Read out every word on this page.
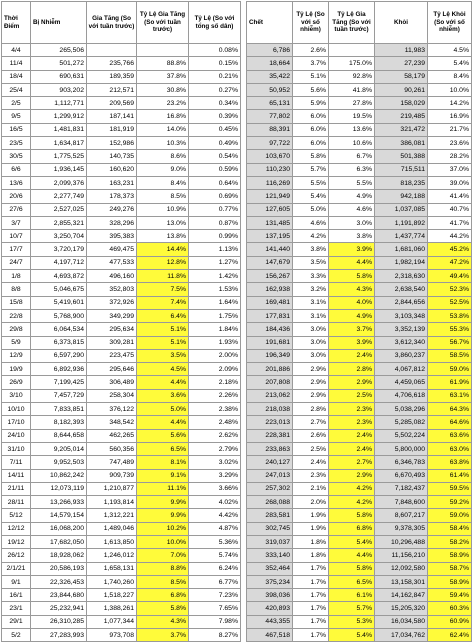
Thời Điểm	Bị Nhiễm	Gia Tăng (So với tuần trước)	Tỷ Lệ Gia Tăng (So với tuần trước)	Tỷ Lệ (So với tổng số dân)		Chết	Tỷ Lệ (So với số nhiễm)	Tỷ Lệ Gia Tăng (So với tuần trước)	Khỏi	Tỷ Lệ Khỏi (So với số nhiễm)
4/4	265,506			0.08%		6,786	2.6%		11,983	4.5%
11/4	501,272	235,766	88.8%	0.15%		18,664	3.7%	175.0%	27,239	5.4%
18/4	690,631	189,359	37.8%	0.21%		35,422	5.1%	92.8%	58,179	8.4%
25/4	903,202	212,571	30.8%	0.27%		50,952	5.6%	41.8%	90,261	10.0%
2/5	1,112,771	209,569	23.2%	0.34%		65,131	5.9%	27.8%	158,029	14.2%
9/5	1,299,912	187,141	16.8%	0.39%		77,802	6.0%	19.5%	219,485	16.9%
16/5	1,481,831	181,919	14.0%	0.45%		88,391	6.0%	13.6%	321,472	21.7%
23/5	1,634,817	152,986	10.3%	0.49%		97,722	6.0%	10.6%	386,081	23.6%
30/5	1,775,525	140,735	8.6%	0.54%		103,670	5.8%	6.7%	501,388	28.2%
6/6	1,936,145	160,620	9.0%	0.59%		110,230	5.7%	6.3%	715,511	37.0%
13/6	2,099,376	163,231	8.4%	0.64%		116,269	5.5%	5.5%	818,235	39.0%
20/6	2,277,749	178,373	8.5%	0.69%		121,949	5.4%	4.9%	942,188	41.4%
27/6	2,527,025	249,276	10.9%	0.77%		127,605	5.0%	4.6%	1,037,085	40.7%
3/7	2,855,321	328,296	13.0%	0.87%		131,485	4.6%	3.0%	1,191,892	41.7%
10/7	3,250,704	395,383	13.8%	0.99%		137,195	4.2%	3.8%	1,437,774	44.2%
17/7	3,720,179	469,475	14.4%	1.13%		141,440	3.8%	3.9%	1,681,060	45.2%
24/7	4,197,712	477,533	12.8%	1.27%		147,679	3.5%	4.4%	1,982,194	47.2%
1/8	4,693,872	496,160	11.8%	1.42%		156,267	3.3%	5.8%	2,318,630	49.4%
8/8	5,046,675	352,803	7.5%	1.53%		162,938	3.2%	4.3%	2,638,540	52.3%
15/8	5,419,601	372,926	7.4%	1.64%		169,481	3.1%	4.0%	2,844,656	52.5%
22/8	5,768,900	349,299	6.4%	1.75%		177,831	3.1%	4.9%	3,103,348	53.8%
29/8	6,064,534	295,634	5.1%	1.84%		184,436	3.0%	3.7%	3,352,139	55.3%
5/9	6,373,815	309,281	5.1%	1.93%		191,681	3.0%	3.9%	3,612,340	56.7%
12/9	6,597,290	223,475	3.5%	2.00%		196,349	3.0%	2.4%	3,860,237	58.5%
19/9	6,892,936	295,646	4.5%	2.09%		201,886	2.9%	2.8%	4,067,812	59.0%
26/9	7,199,425	306,489	4.4%	2.18%		207,808	2.9%	2.9%	4,459,065	61.9%
3/10	7,457,729	258,304	3.6%	2.26%		213,062	2.9%	2.5%	4,706,618	63.1%
10/10	7,833,851	376,122	5.0%	2.38%		218,038	2.8%	2.3%	5,038,296	64.3%
17/10	8,182,393	348,542	4.4%	2.48%		223,013	2.7%	2.3%	5,285,082	64.6%
24/10	8,644,658	462,265	5.6%	2.62%		228,381	2.6%	2.4%	5,502,224	63.6%
31/10	9,205,014	560,356	6.5%	2.79%		233,863	2.5%	2.4%	5,800,000	63.0%
7/11	9,952,503	747,489	8.1%	3.02%		240,127	2.4%	2.7%	6,346,783	63.8%
14/11	10,862,242	909,739	9.1%	3.29%		247,013	2.3%	2.9%	6,670,493	61.4%
21/11	12,073,119	1,210,877	11.1%	3.66%		257,302	2.1%	4.2%	7,182,437	59.5%
28/11	13,266,933	1,193,814	9.9%	4.02%		268,088	2.0%	4.2%	7,848,600	59.2%
5/12	14,579,154	1,312,221	9.9%	4.42%		283,581	1.9%	5.8%	8,607,217	59.0%
12/12	16,068,200	1,489,046	10.2%	4.87%		302,745	1.9%	6.8%	9,378,305	58.4%
19/12	17,682,050	1,613,850	10.0%	5.36%		319,037	1.8%	5.4%	10,296,488	58.2%
26/12	18,928,062	1,246,012	7.0%	5.74%		333,140	1.8%	4.4%	11,156,210	58.9%
2/1/21	20,586,193	1,658,131	8.8%	6.24%		352,464	1.7%	5.8%	12,092,580	58.7%
9/1	22,326,453	1,740,260	8.5%	6.77%		375,234	1.7%	6.5%	13,158,301	58.9%
16/1	23,844,680	1,518,227	6.8%	7.23%		398,036	1.7%	6.1%	14,162,847	59.4%
23/1	25,232,941	1,388,261	5.8%	7.65%		420,893	1.7%	5.7%	15,205,320	60.3%
29/1	26,310,285	1,077,344	4.3%	7.98%		443,355	1.7%	5.3%	16,034,580	60.9%
5/2	27,283,993	973,708	3.7%	8.27%		467,518	1.7%	5.4%	17,034,762	62.4%
